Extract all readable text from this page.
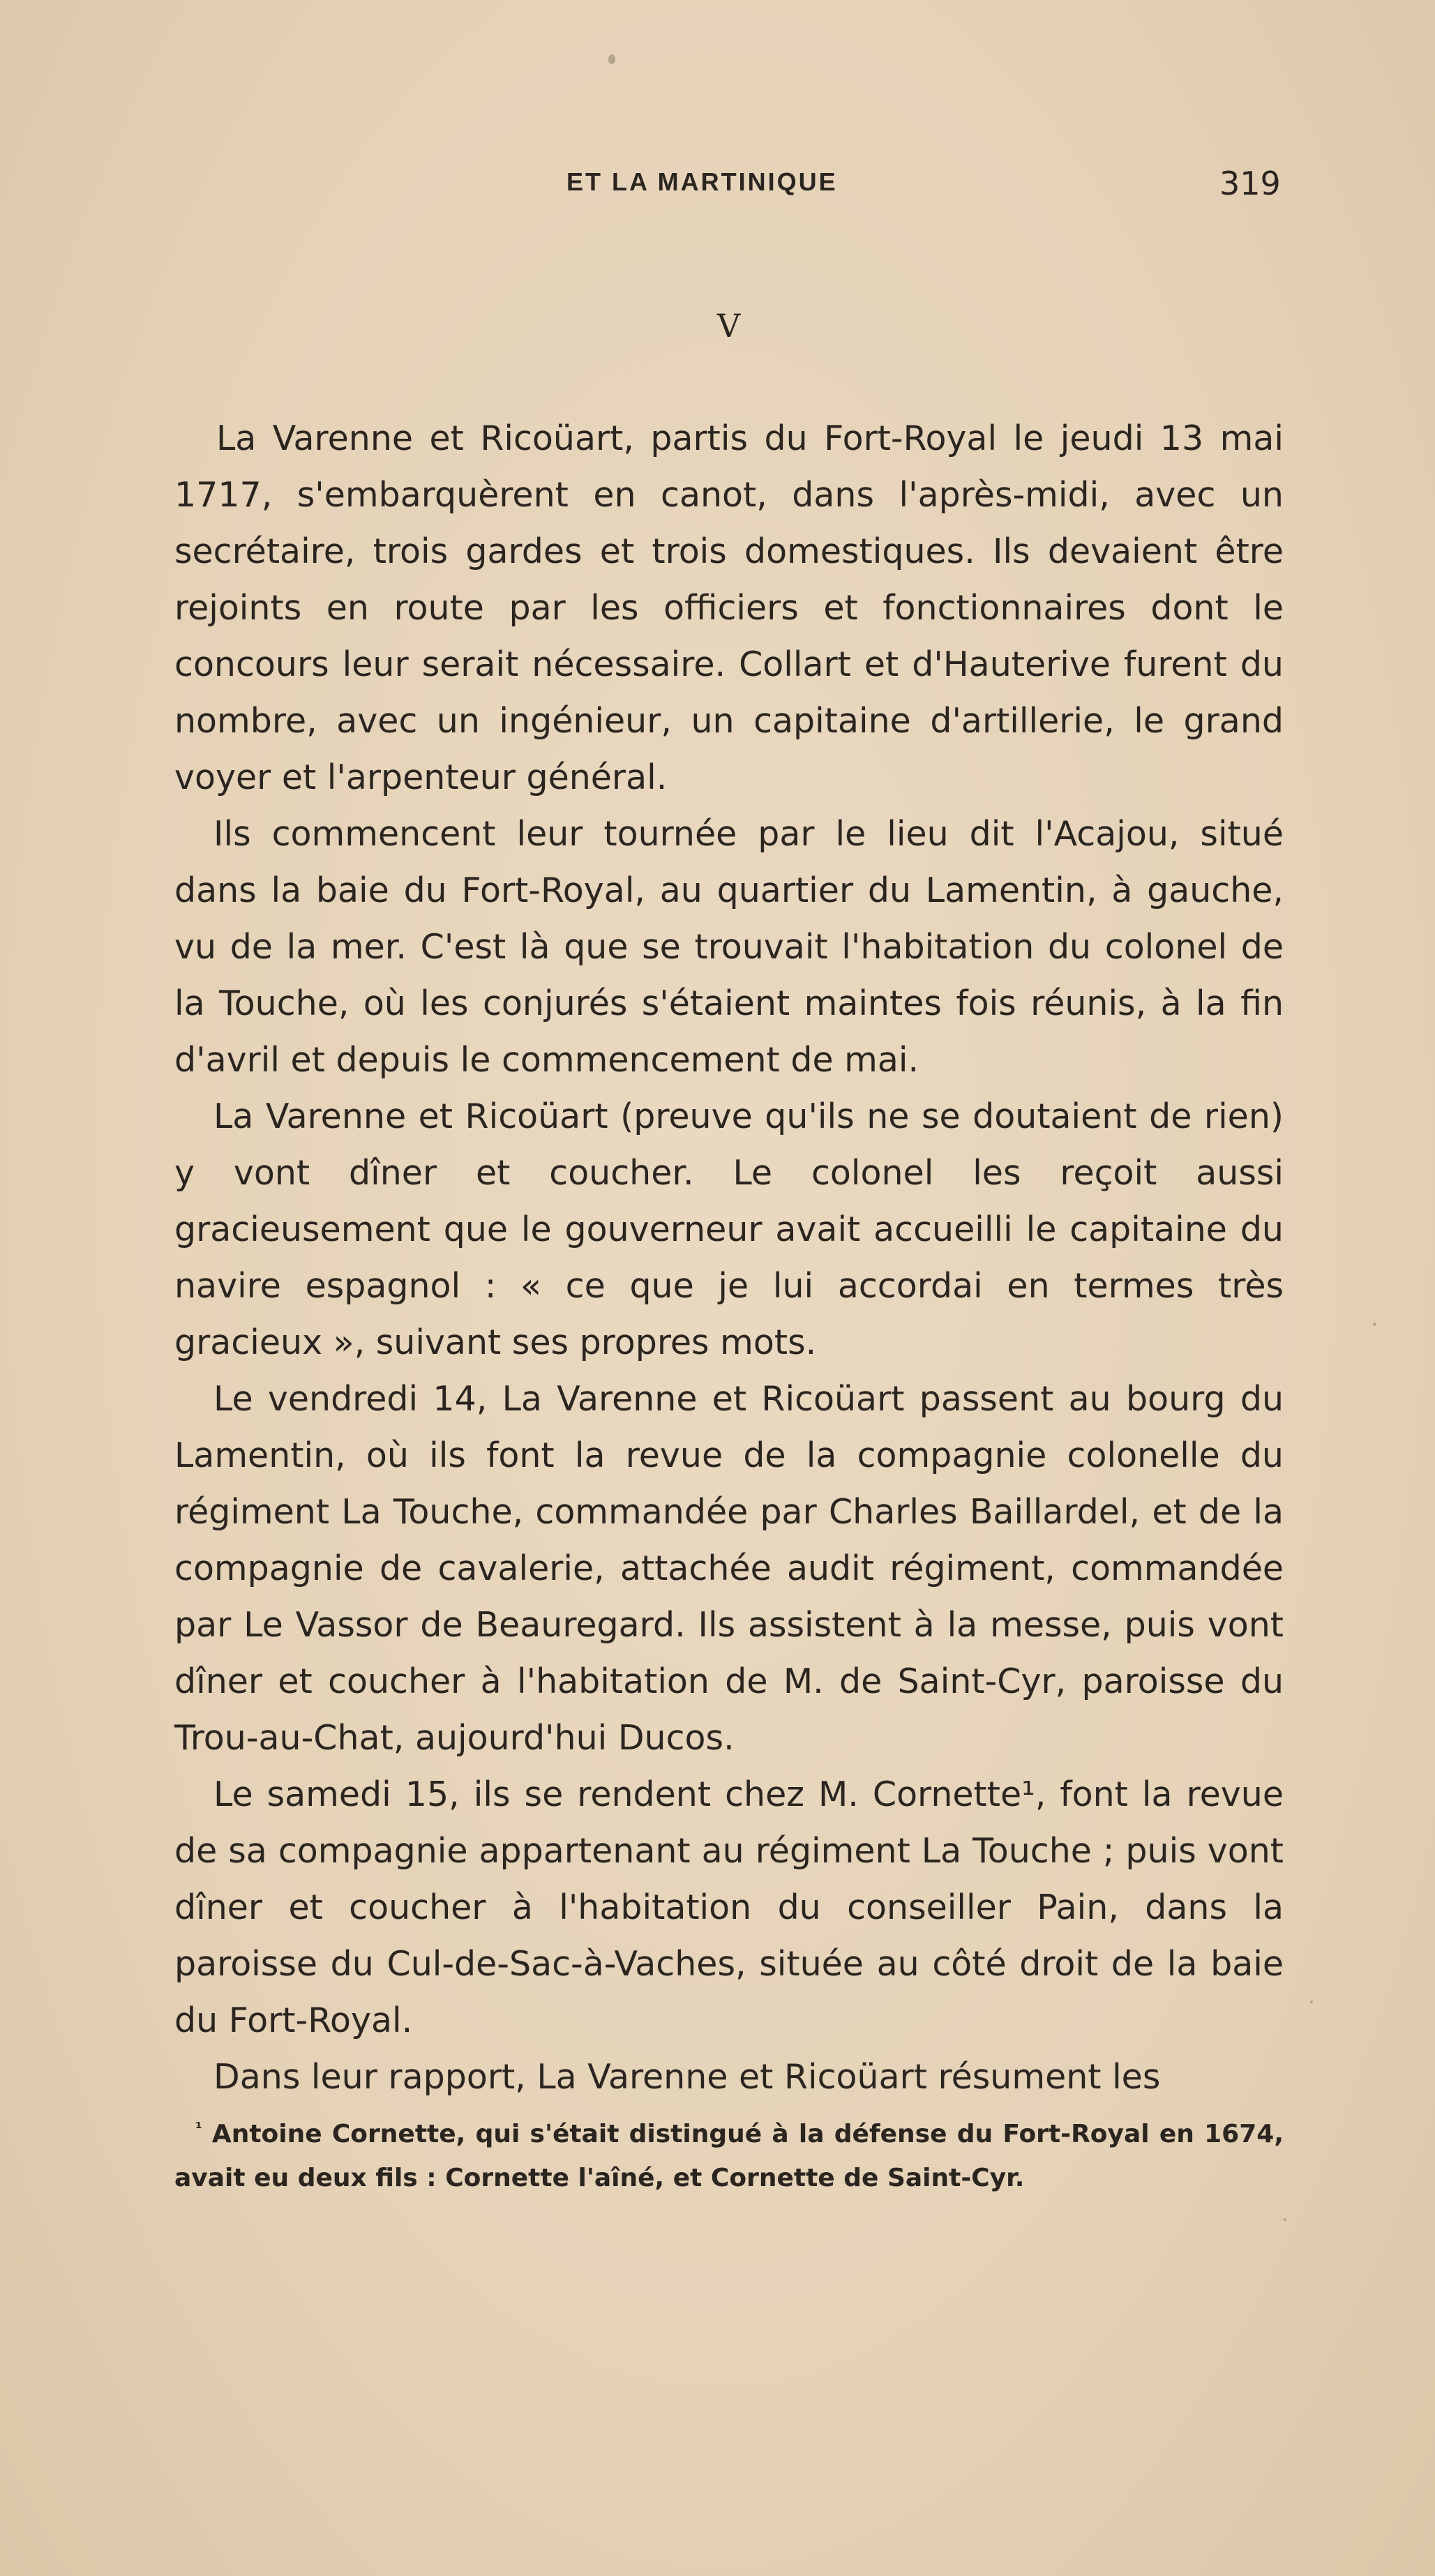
ET LA MARTINIQUE	319
V

La Varenne et Ricoüart, partis du Fort-Royal le jeudi 13 mai 1717, s'embarquèrent en canot, dans l'après-midi, avec un secrétaire, trois gardes et trois domestiques. Ils devaient être rejoints en route par les officiers et fonctionnaires dont le concours leur serait nécessaire. Collart et d'Hauterive furent du nombre, avec un ingénieur, un capitaine d'artillerie, le grand voyer et l'arpenteur général.

Ils commencent leur tournée par le lieu dit l'Acajou, situé dans la baie du Fort-Royal, au quartier du Lamentin, à gauche, vu de la mer. C'est là que se trouvait l'habitation du colonel de la Touche, où les conjurés s'étaient maintes fois réunis, à la fin d'avril et depuis le commencement de mai.

La Varenne et Ricoüart (preuve qu'ils ne se doutaient de rien) y vont dîner et coucher. Le colonel les reçoit aussi gracieusement que le gouverneur avait accueilli le capitaine du navire espagnol : « ce que je lui accordai en termes très gracieux », suivant ses propres mots.

Le vendredi 14, La Varenne et Ricoüart passent au bourg du Lamentin, où ils font la revue de la compagnie colonelle du régiment La Touche, commandée par Charles Baillardel, et de la compagnie de cavalerie, attachée audit régiment, commandée par Le Vassor de Beauregard. Ils assistent à la messe, puis vont dîner et coucher à l'habitation de M. de Saint-Cyr, paroisse du Trou-au-Chat, aujourd'hui Ducos.

Le samedi 15, ils se rendent chez M. Cornette¹, font la revue de sa compagnie appartenant au régiment La Touche ; puis vont dîner et coucher à l'habitation du conseiller Pain, dans la paroisse du Cul-de-Sac-à-Vaches, située au côté droit de la baie du Fort-Royal.

Dans leur rapport, La Varenne et Ricoüart résument les

$^{^1}$ Antoine Cornette, qui s'était distingué à la défense du Fort-Royal en 1674, avait eu deux fils : Cornette l'aîné, et Cornette de Saint-Cyr.
